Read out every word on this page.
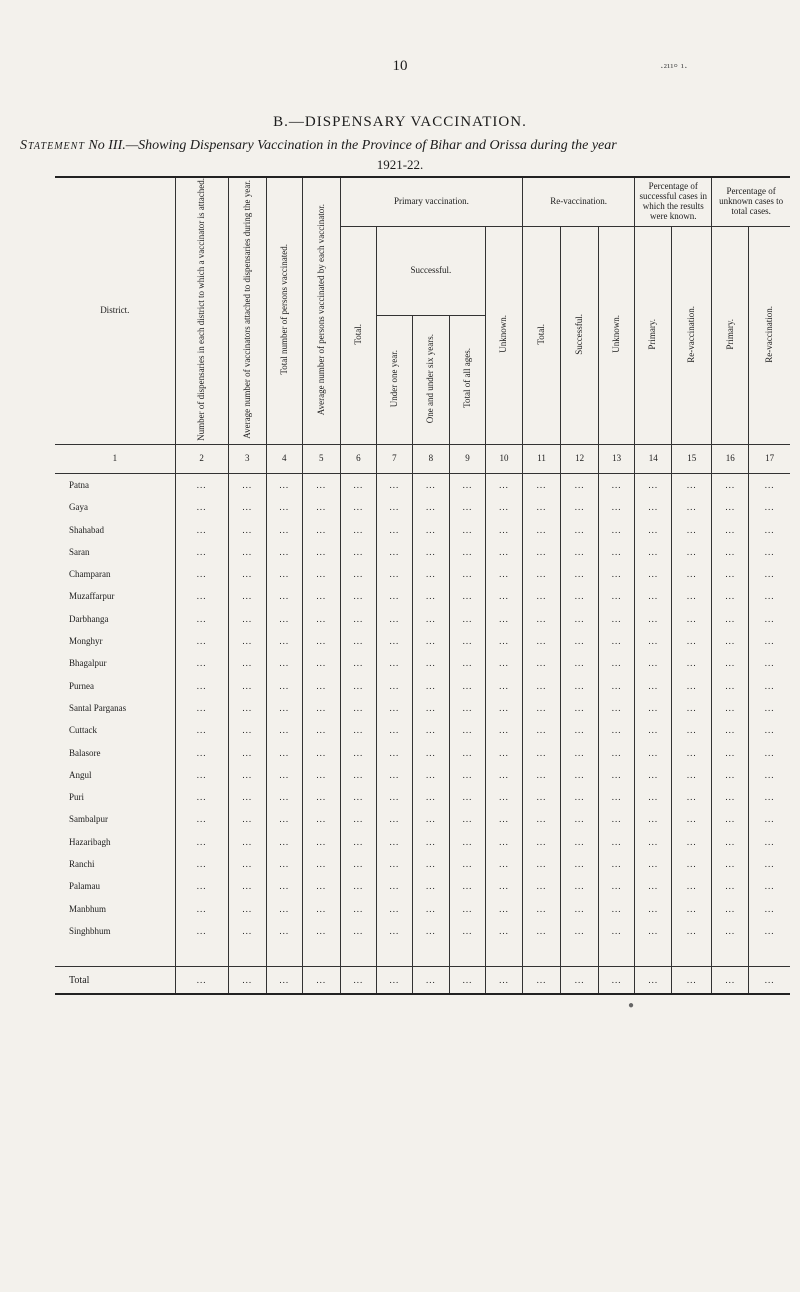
10	·²¹¹° ¹·
B.—DISPENSARY VACCINATION.
Statement No III.—Showing Dispensary Vaccination in the Province of Bihar and Orissa during the year
1921-22.
District.	Number of dispensaries in each district to which a vaccinator is attached.	Average number of vaccinators attached to dispensaries during the year.	Total number of persons vaccinated.	Average number of persons vaccinated by each vaccinator.	Primary vaccination.					Re-vaccination.			Percentage of successful cases in which the results were known.		Percentage of unknown cases to total cases.	
					Total.	Successful.			Unknown.	Total.	Successful.	Unknown.	Primary.	Re-vaccination.	Primary.	Re-vaccination.
						Under one year.	One and under six years.	Total of all ages.								
1	2	3	4	5	6	7	8	9	10	11	12	13	14	15	16	17
Patna	...	...	...	...	...	...	...	...	...	...	...	...	...	...	...	...
Gaya	...	...	...	...	...	...	...	...	...	...	...	...	...	...	...	...
Shahabad	...	...	...	...	...	...	...	...	...	...	...	...	...	...	...	...
Saran	...	...	...	...	...	...	...	...	...	...	...	...	...	...	...	...
Champaran	...	...	...	...	...	...	...	...	...	...	...	...	...	...	...	...
Muzaffarpur	...	...	...	...	...	...	...	...	...	...	...	...	...	...	...	...
Darbhanga	...	...	...	...	...	...	...	...	...	...	...	...	...	...	...	...
Monghyr	...	...	...	...	...	...	...	...	...	...	...	...	...	...	...	...
Bhagalpur	...	...	...	...	...	...	...	...	...	...	...	...	...	...	...	...
Purnea	...	...	...	...	...	...	...	...	...	...	...	...	...	...	...	...
Santal Parganas	...	...	...	...	...	...	...	...	...	...	...	...	...	...	...	...
Cuttack	...	...	...	...	...	...	...	...	...	...	...	...	...	...	...	...
Balasore	...	...	...	...	...	...	...	...	...	...	...	...	...	...	...	...
Angul	...	...	...	...	...	...	...	...	...	...	...	...	...	...	...	...
Puri	...	...	...	...	...	...	...	...	...	...	...	...	...	...	...	...
Sambalpur	...	...	...	...	...	...	...	...	...	...	...	...	...	...	...	...
Hazaribagh	...	...	...	...	...	...	...	...	...	...	...	...	...	...	...	...
Ranchi	...	...	...	...	...	...	...	...	...	...	...	...	...	...	...	...
Palamau	...	...	...	...	...	...	...	...	...	...	...	...	...	...	...	...
Manbhum	...	...	...	...	...	...	...	...	...	...	...	...	...	...	...	...
Singhbhum	...	...	...	...	...	...	...	...	...	...	...	...	...	...	...	...

Total	...	...	...	...	...	...	...	...	...	...	...	...	...	...	...	...
●
